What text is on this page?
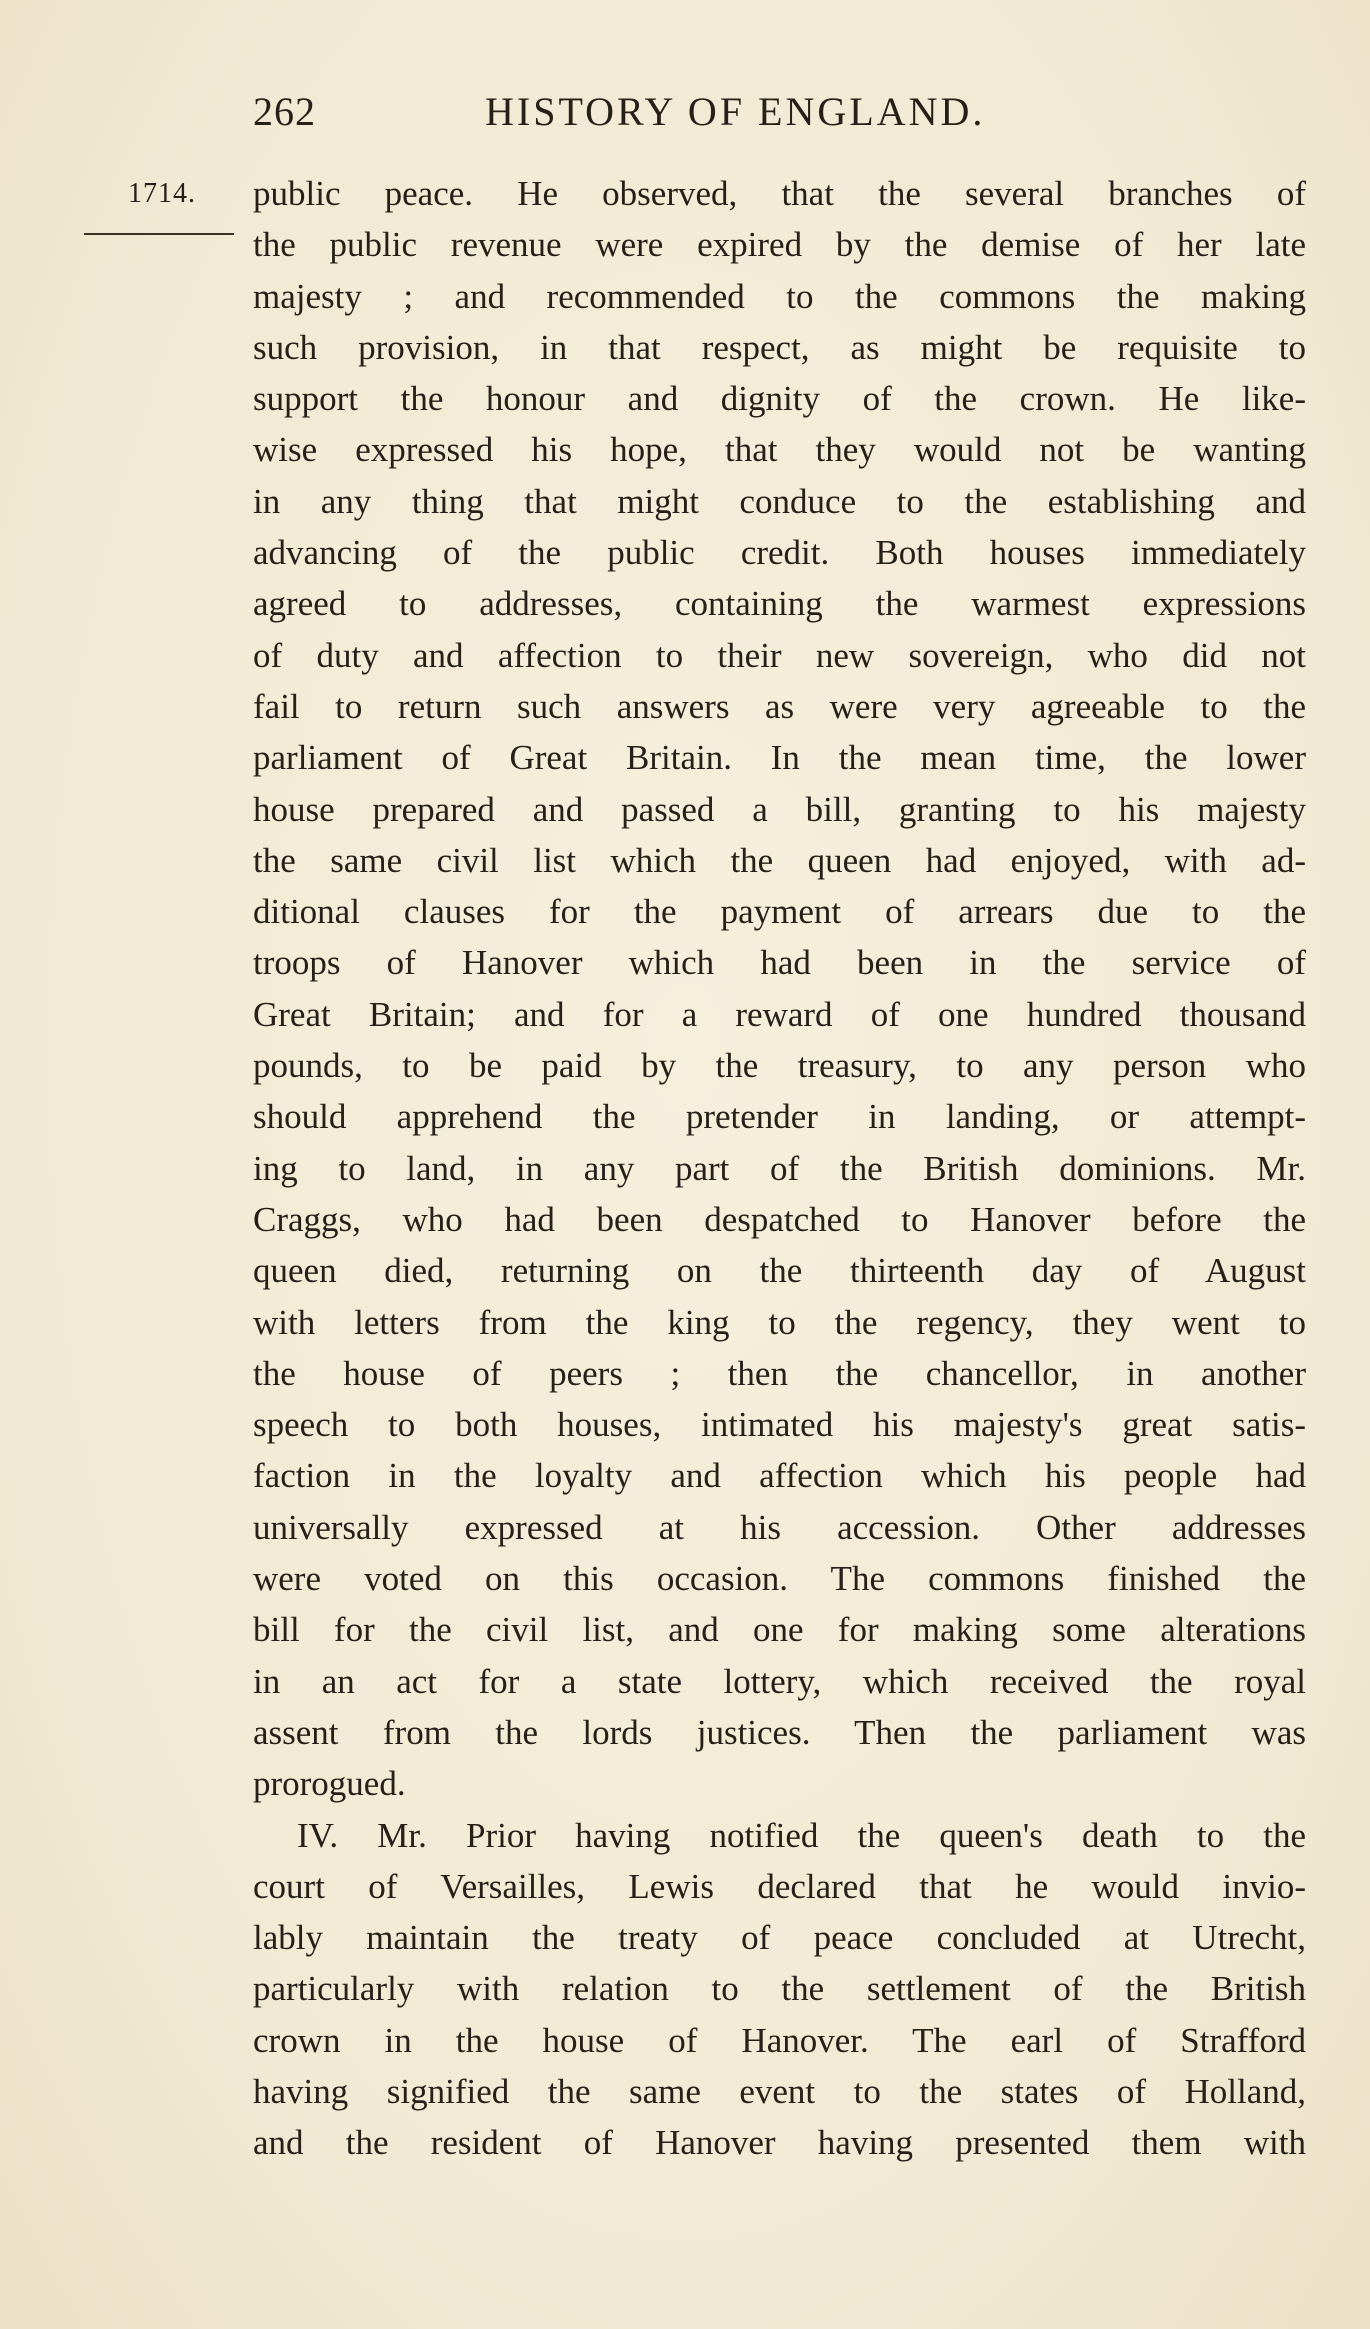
262	HISTORY OF ENGLAND.
1714. public peace. He observed, that the several branches of
the public revenue were expired by the demise of her late
majesty ; and recommended to the commons the making
such provision, in that respect, as might be requisite to
support the honour and dignity of the crown. He like-
wise expressed his hope, that they would not be wanting
in any thing that might conduce to the establishing and
advancing of the public credit. Both houses immediately
agreed to addresses, containing the warmest expressions
of duty and affection to their new sovereign, who did not
fail to return such answers as were very agreeable to the
parliament of Great Britain. In the mean time, the lower
house prepared and passed a bill, granting to his majesty
the same civil list which the queen had enjoyed, with ad-
ditional clauses for the payment of arrears due to the
troops of Hanover which had been in the service of
Great Britain; and for a reward of one hundred thousand
pounds, to be paid by the treasury, to any person who
should apprehend the pretender in landing, or attempt-
ing to land, in any part of the British dominions. Mr.
Craggs, who had been despatched to Hanover before the
queen died, returning on the thirteenth day of August
with letters from the king to the regency, they went to
the house of peers ; then the chancellor, in another
speech to both houses, intimated his majesty's great satis-
faction in the loyalty and affection which his people had
universally expressed at his accession. Other addresses
were voted on this occasion. The commons finished the
bill for the civil list, and one for making some alterations
in an act for a state lottery, which received the royal
assent from the lords justices. Then the parliament was
prorogued.
IV. Mr. Prior having notified the queen's death to the
court of Versailles, Lewis declared that he would invio-
lably maintain the treaty of peace concluded at Utrecht,
particularly with relation to the settlement of the British
crown in the house of Hanover. The earl of Strafford
having signified the same event to the states of Holland,
and the resident of Hanover having presented them with
